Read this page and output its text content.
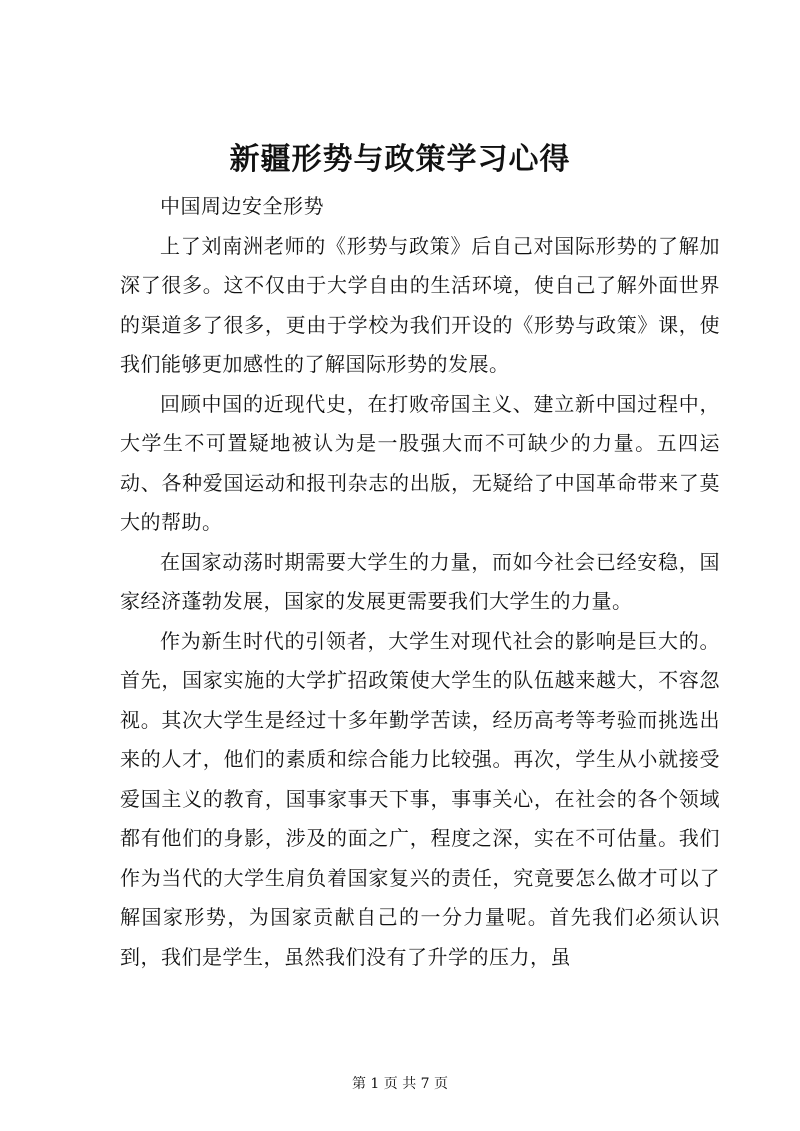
新疆形势与政策学习心得

中国周边安全形势

上了刘南洲老师的《形势与政策》后自己对国际形势的了解加深了很多。这不仅由于大学自由的生活环境，使自己了解外面世界的渠道多了很多，更由于学校为我们开设的《形势与政策》课，使我们能够更加感性的了解国际形势的发展。

回顾中国的近现代史，在打败帝国主义、建立新中国过程中，大学生不可置疑地被认为是一股强大而不可缺少的力量。五四运动、各种爱国运动和报刊杂志的出版，无疑给了中国革命带来了莫大的帮助。

在国家动荡时期需要大学生的力量，而如今社会已经安稳，国家经济蓬勃发展，国家的发展更需要我们大学生的力量。

作为新生时代的引领者，大学生对现代社会的影响是巨大的。首先，国家实施的大学扩招政策使大学生的队伍越来越大，不容忽视。其次大学生是经过十多年勤学苦读，经历高考等考验而挑选出来的人才，他们的素质和综合能力比较强。再次，学生从小就接受爱国主义的教育，国事家事天下事，事事关心，在社会的各个领域都有他们的身影，涉及的面之广，程度之深，实在不可估量。我们作为当代的大学生肩负着国家复兴的责任，究竟要怎么做才可以了解国家形势，为国家贡献自己的一分力量呢。首先我们必须认识到，我们是学生，虽然我们没有了升学的压力，虽

第 1 页 共 7 页
